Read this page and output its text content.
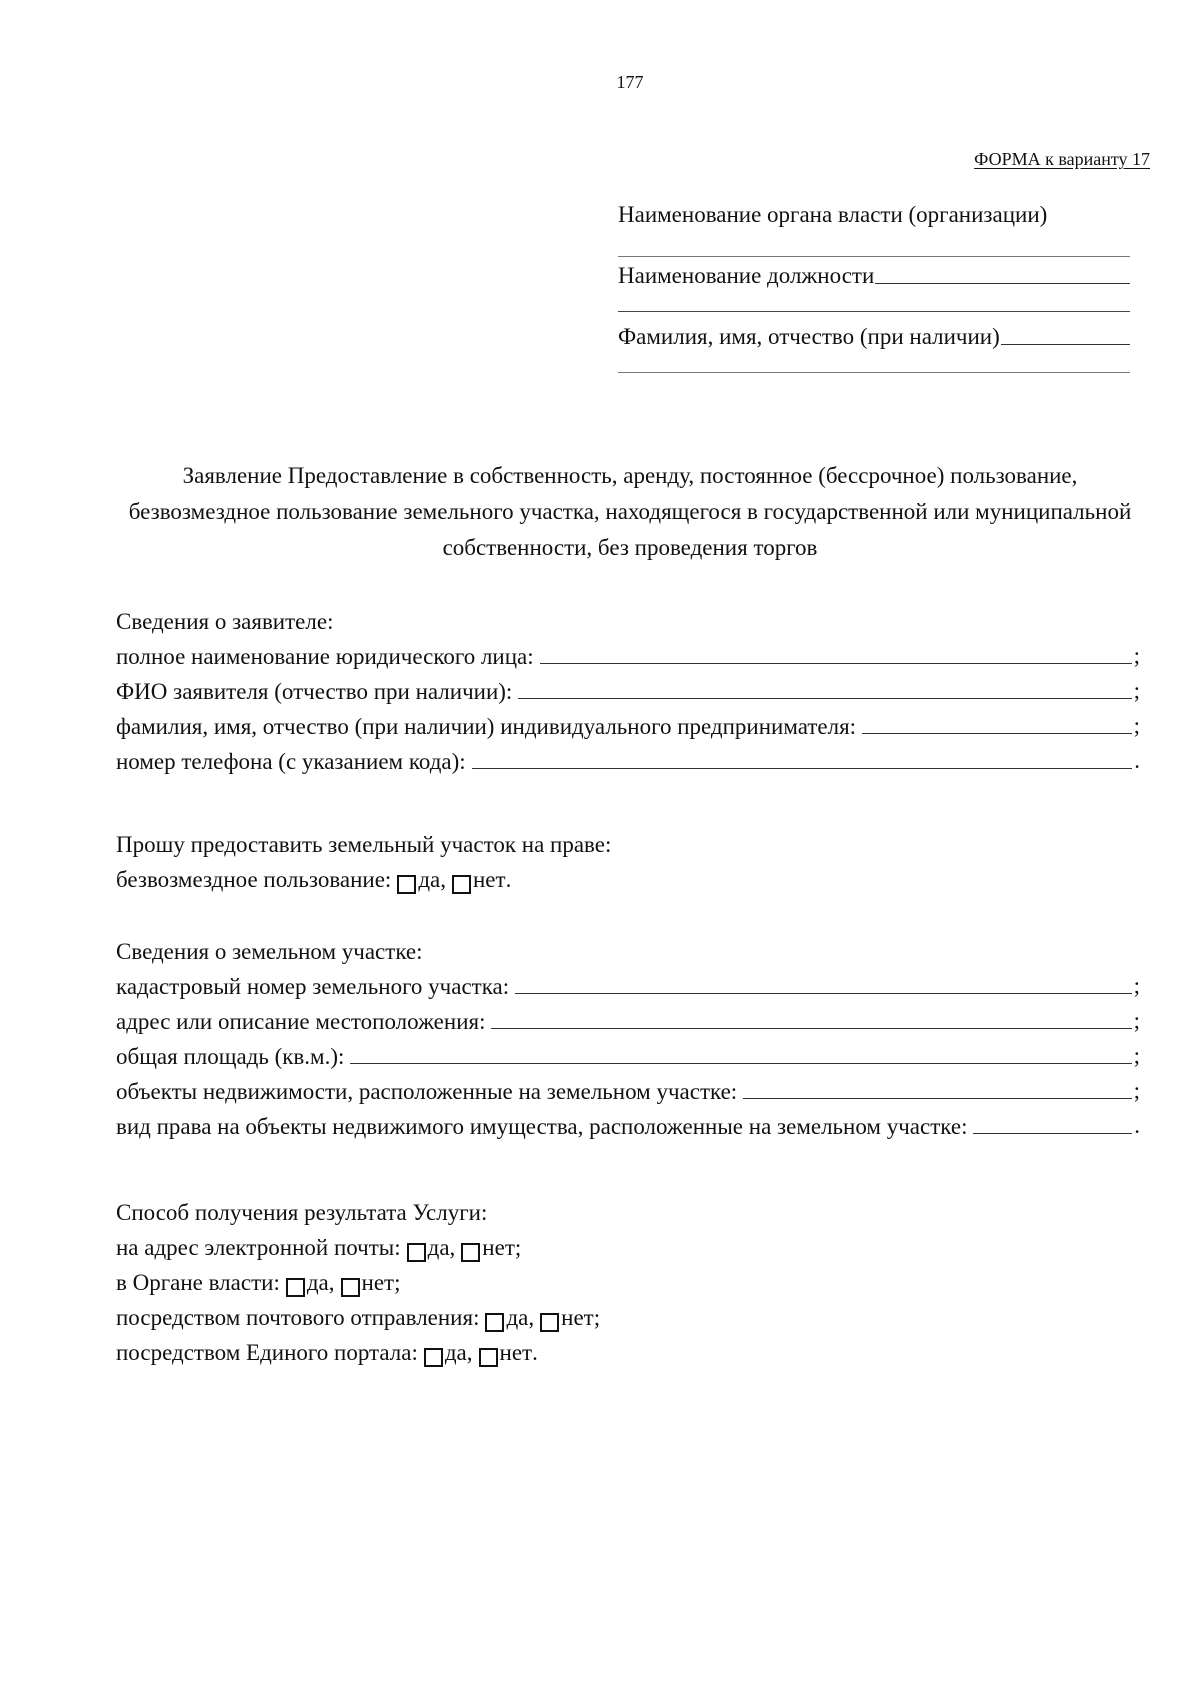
177
ФОРМА к варианту 17
Наименование органа власти (организации)
Наименование должности
Фамилия, имя, отчество (при наличии)
Заявление Предоставление в собственность, аренду, постоянное (бессрочное) пользование, безвозмездное пользование земельного участка, находящегося в государственной или муниципальной собственности, без проведения торгов
Сведения о заявителе:
полное наименование юридического лица:	;
ФИО заявителя (отчество при наличии):	;
фамилия, имя, отчество (при наличии) индивидуального предпринимателя:	;
номер телефона (с указанием кода):	.
Прошу предоставить земельный участок на праве:
безвозмездное пользование: да, нет .
Сведения о земельном участке:
кадастровый номер земельного участка:	;
адрес или описание местоположения:	;
общая площадь (кв.м.):	;
объекты недвижимости, расположенные на земельном участке:	;
вид права на объекты недвижимого имущества, расположенные на земельном участке:	.
Способ получения результата Услуги:
на адрес электронной почты: да, нет ;
в Органе власти: да, нет ;
посредством почтового отправления: да, нет ;
посредством Единого портала: да, нет .
